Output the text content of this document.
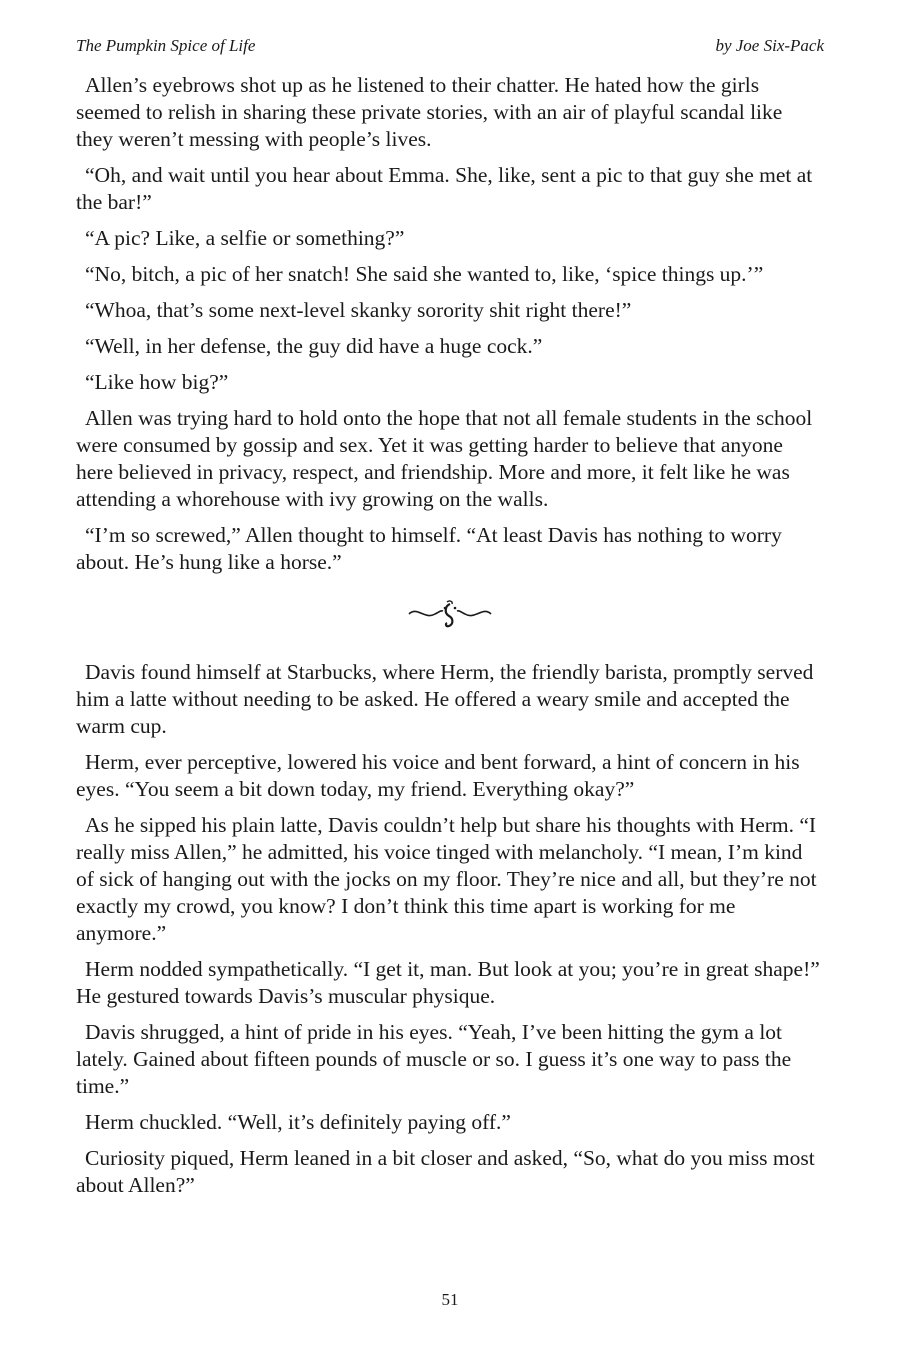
The Pumpkin Spice of Life	by Joe Six-Pack

Allen’s eyebrows shot up as he listened to their chatter. He hated how the girls seemed to relish in sharing these private stories, with an air of playful scandal like they weren’t messing with people’s lives.

“Oh, and wait until you hear about Emma. She, like, sent a pic to that guy she met at the bar!”

“A pic? Like, a selfie or something?”

“No, bitch, a pic of her snatch! She said she wanted to, like, ‘spice things up.’”

“Whoa, that’s some next-level skanky sorority shit right there!”

“Well, in her defense, the guy did have a huge cock.”

“Like how big?”

Allen was trying hard to hold onto the hope that not all female students in the school were consumed by gossip and sex. Yet it was getting harder to believe that anyone here believed in privacy, respect, and friendship. More and more, it felt like he was attending a whorehouse with ivy growing on the walls.

“I’m so screwed,” Allen thought to himself. “At least Davis has nothing to worry about. He’s hung like a horse.”

Davis found himself at Starbucks, where Herm, the friendly barista, promptly served him a latte without needing to be asked. He offered a weary smile and accepted the warm cup.

Herm, ever perceptive, lowered his voice and bent forward, a hint of concern in his eyes. “You seem a bit down today, my friend. Everything okay?”

As he sipped his plain latte, Davis couldn’t help but share his thoughts with Herm. “I really miss Allen,” he admitted, his voice tinged with melancholy. “I mean, I’m kind of sick of hanging out with the jocks on my floor. They’re nice and all, but they’re not exactly my crowd, you know? I don’t think this time apart is working for me anymore.”

Herm nodded sympathetically. “I get it, man. But look at you; you’re in great shape!” He gestured towards Davis’s muscular physique.

Davis shrugged, a hint of pride in his eyes. “Yeah, I’ve been hitting the gym a lot lately. Gained about fifteen pounds of muscle or so. I guess it’s one way to pass the time.”

Herm chuckled. “Well, it’s definitely paying off.”

Curiosity piqued, Herm leaned in a bit closer and asked, “So, what do you miss most about Allen?”

51
